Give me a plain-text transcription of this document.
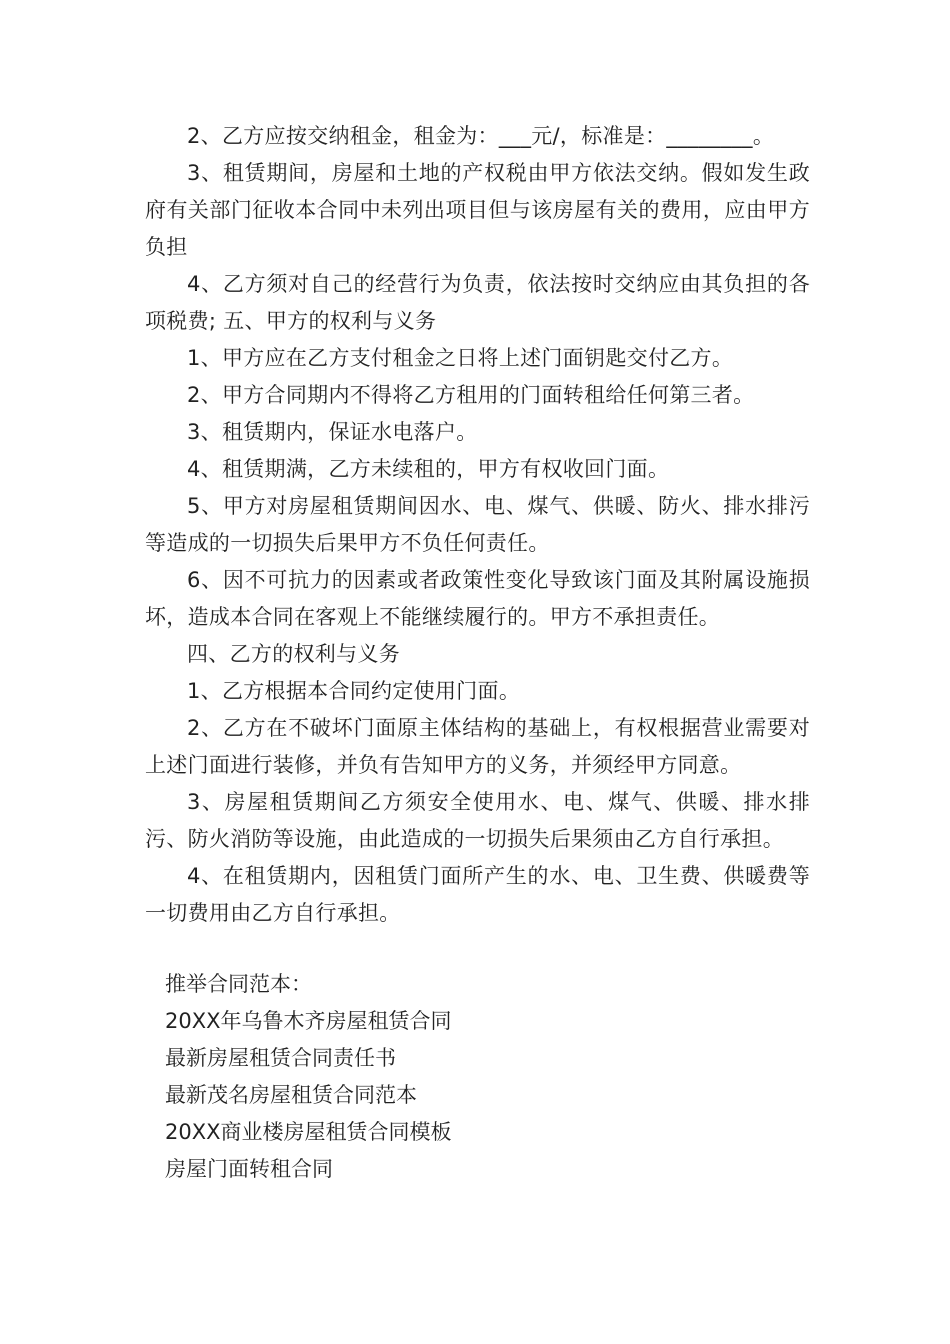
2、乙方应按交纳租金，租金为：___元/，标准是：________。

3、租赁期间，房屋和土地的产权税由甲方依法交纳。假如发生政府有关部门征收本合同中未列出项目但与该房屋有关的费用，应由甲方负担

4、乙方须对自己的经营行为负责，依法按时交纳应由其负担的各项税费; 五、甲方的权利与义务

1、甲方应在乙方支付租金之日将上述门面钥匙交付乙方。

2、甲方合同期内不得将乙方租用的门面转租给任何第三者。

3、租赁期内，保证水电落户。

4、租赁期满，乙方未续租的，甲方有权收回门面。

5、甲方对房屋租赁期间因水、电、煤气、供暖、防火、排水排污等造成的一切损失后果甲方不负任何责任。

6、因不可抗力的因素或者政策性变化导致该门面及其附属设施损坏，造成本合同在客观上不能继续履行的。甲方不承担责任。

四、乙方的权利与义务

1、乙方根据本合同约定使用门面。

2、乙方在不破坏门面原主体结构的基础上，有权根据营业需要对上述门面进行装修，并负有告知甲方的义务，并须经甲方同意。

3、房屋租赁期间乙方须安全使用水、电、煤气、供暖、排水排污、防火消防等设施，由此造成的一切损失后果须由乙方自行承担。

4、在租赁期内，因租赁门面所产生的水、电、卫生费、供暖费等一切费用由乙方自行承担。

推举合同范本：

20XX年乌鲁木齐房屋租赁合同

最新房屋租赁合同责任书

最新茂名房屋租赁合同范本

20XX商业楼房屋租赁合同模板

房屋门面转租合同
